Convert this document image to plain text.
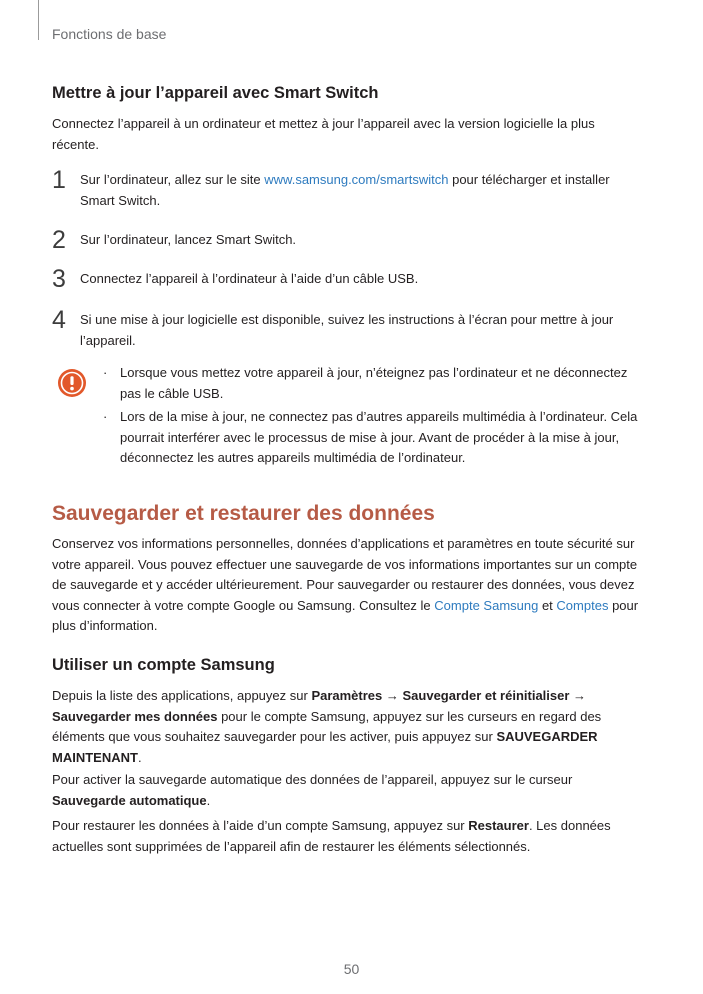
Fonctions de base
Mettre à jour l’appareil avec Smart Switch
Connectez l’appareil à un ordinateur et mettez à jour l’appareil avec la version logicielle la plus récente.
1 Sur l’ordinateur, allez sur le site www.samsung.com/smartswitch pour télécharger et installer Smart Switch.
2 Sur l’ordinateur, lancez Smart Switch.
3 Connectez l’appareil à l’ordinateur à l’aide d’un câble USB.
4 Si une mise à jour logicielle est disponible, suivez les instructions à l’écran pour mettre à jour l’appareil.
· Lorsque vous mettez votre appareil à jour, n’éteignez pas l’ordinateur et ne déconnectez pas le câble USB.
· Lors de la mise à jour, ne connectez pas d’autres appareils multimédia à l’ordinateur. Cela pourrait interférer avec le processus de mise à jour. Avant de procéder à la mise à jour, déconnectez les autres appareils multimédia de l’ordinateur.
Sauvegarder et restaurer des données
Conservez vos informations personnelles, données d’applications et paramètres en toute sécurité sur votre appareil. Vous pouvez effectuer une sauvegarde de vos informations importantes sur un compte de sauvegarde et y accéder ultérieurement. Pour sauvegarder ou restaurer des données, vous devez vous connecter à votre compte Google ou Samsung. Consultez le Compte Samsung et Comptes pour plus d’information.
Utiliser un compte Samsung
Depuis la liste des applications, appuyez sur Paramètres → Sauvegarder et réinitialiser → Sauvegarder mes données pour le compte Samsung, appuyez sur les curseurs en regard des éléments que vous souhaitez sauvegarder pour les activer, puis appuyez sur SAUVEGARDER MAINTENANT.
Pour activer la sauvegarde automatique des données de l’appareil, appuyez sur le curseur Sauvegarde automatique.
Pour restaurer les données à l’aide d’un compte Samsung, appuyez sur Restaurer. Les données actuelles sont supprimées de l’appareil afin de restaurer les éléments sélectionnés.
50
